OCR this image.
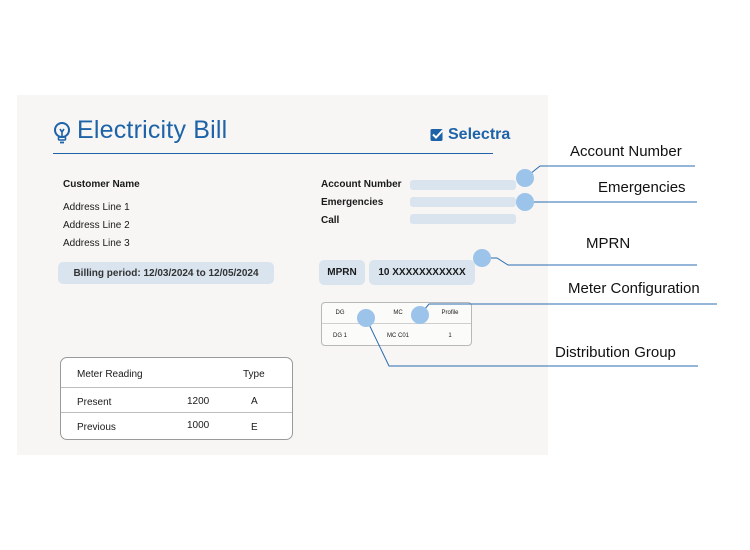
Electricity Bill	Selectra
Customer Name
Address Line 1
Address Line 2
Address Line 3
Billing period: 12/03/2024 to 12/05/2024
Account Number
Emergencies
Call
MPRN	10 XXXXXXXXXXX
DG	MC	Profile
DG 1	MC C01	1
Meter Reading	Type
Present	1200	A
Previous	1000	E
Account Number
Emergencies
MPRN
Meter Configuration
Distribution Group
